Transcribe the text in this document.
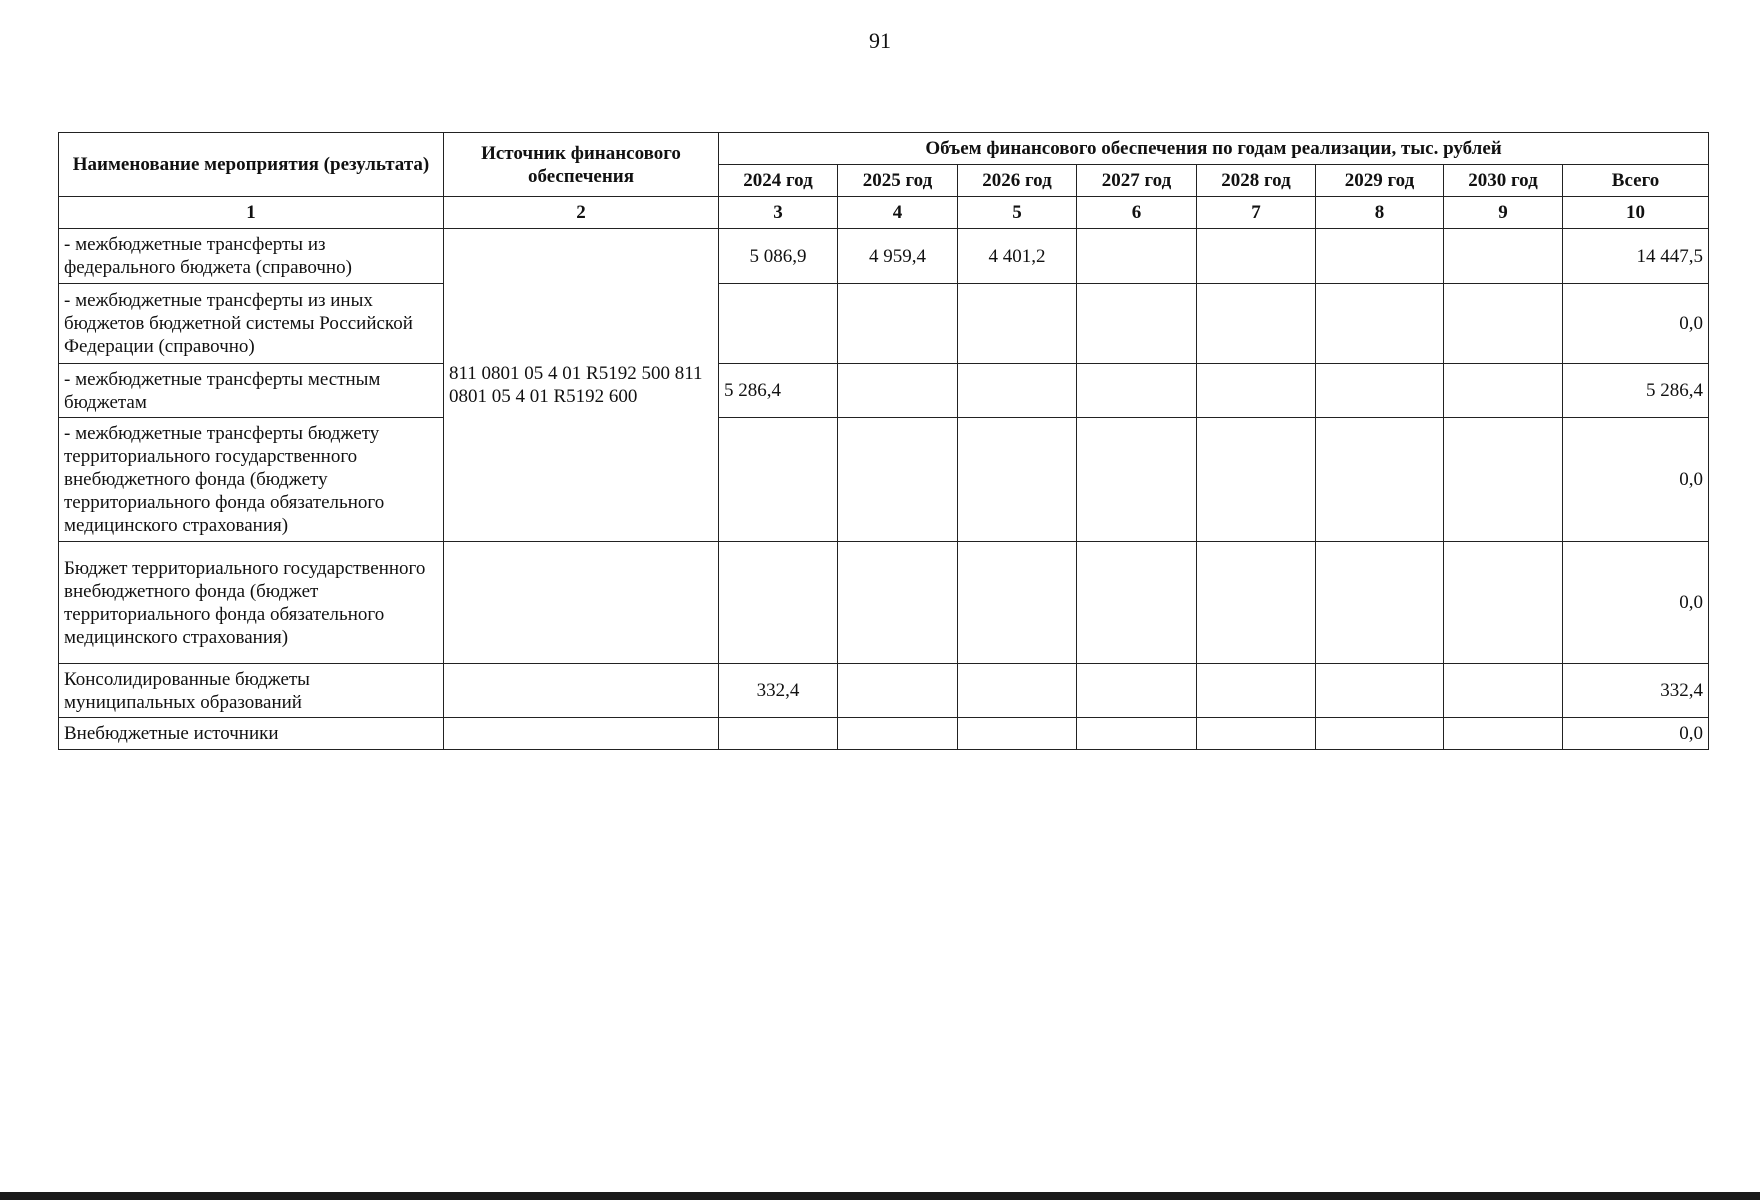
91
Наименование мероприятия (результата)	Источник финансового обеспечения	Объем финансового обеспечения по годам реализации, тыс. рублей							
		2024 год	2025 год	2026 год	2027 год	2028 год	2029 год	2030 год	Всего
1	2	3	4	5	6	7	8	9	10
- межбюджетные трансферты из федерального бюджета (справочно)	811 0801 05 4 01 R5192 500 811 0801 05 4 01 R5192 600	5 086,9	4 959,4	4 401,2					14 447,5
- межбюджетные трансферты из иных бюджетов бюджетной системы Российской Федерации (справочно)									0,0
- межбюджетные трансферты местным бюджетам		5 286,4							5 286,4
- межбюджетные трансферты бюджету территориального государственного внебюджетного фонда (бюджету территориального фонда обязательного медицинского страхования)									0,0
Бюджет территориального государственного внебюджетного фонда (бюджет территориального фонда обязательного медицинского страхования)									0,0
Консолидированные бюджеты муниципальных образований		332,4							332,4
Внебюджетные источники									0,0
